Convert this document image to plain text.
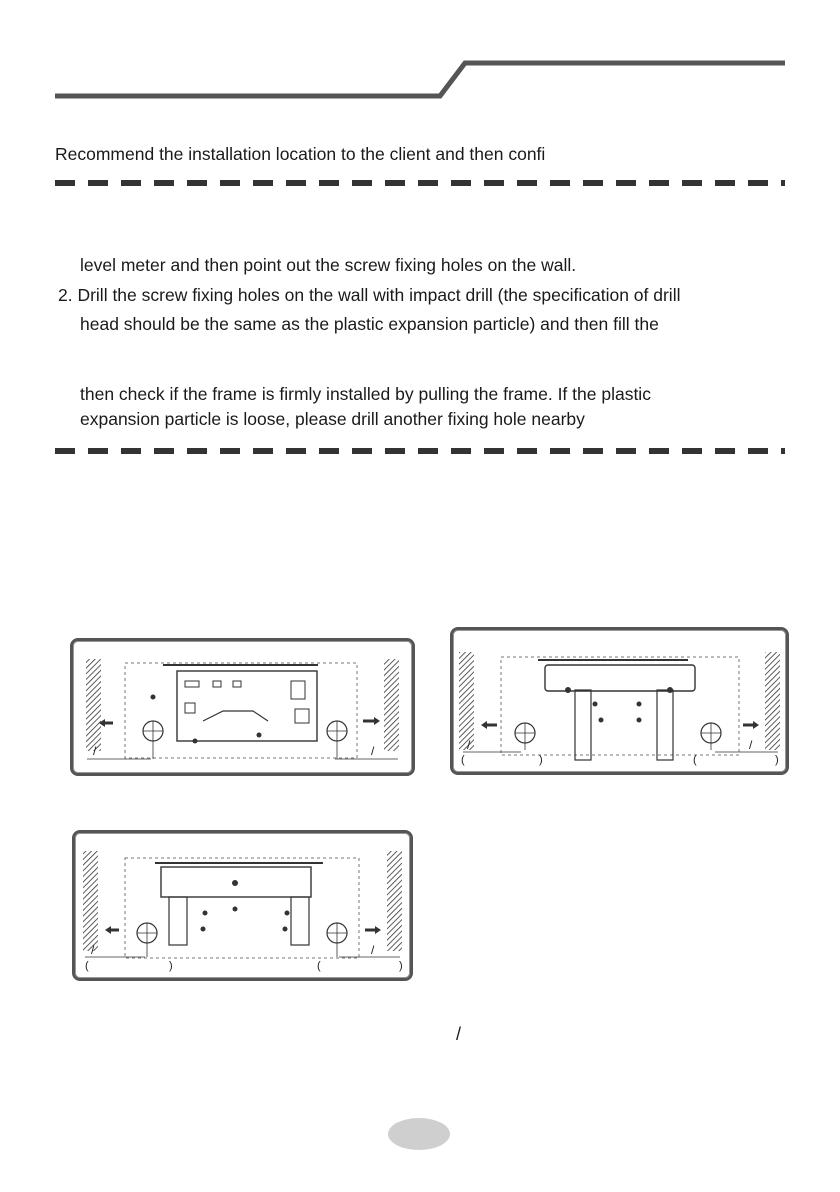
Recommend the installation location to the client and then confi
level meter and then point out the screw fixing holes on the wall.
2. Drill the screw fixing holes on the wall with impact drill (the specification of drill
head should be the same as the plastic expansion particle) and then fill the
then check if the frame is firmly installed by pulling the frame. If the plastic
expansion particle is loose, please drill another fixing hole nearby
/	/	/	/
(	)	(	)
/	/
(	)	(	)
/
